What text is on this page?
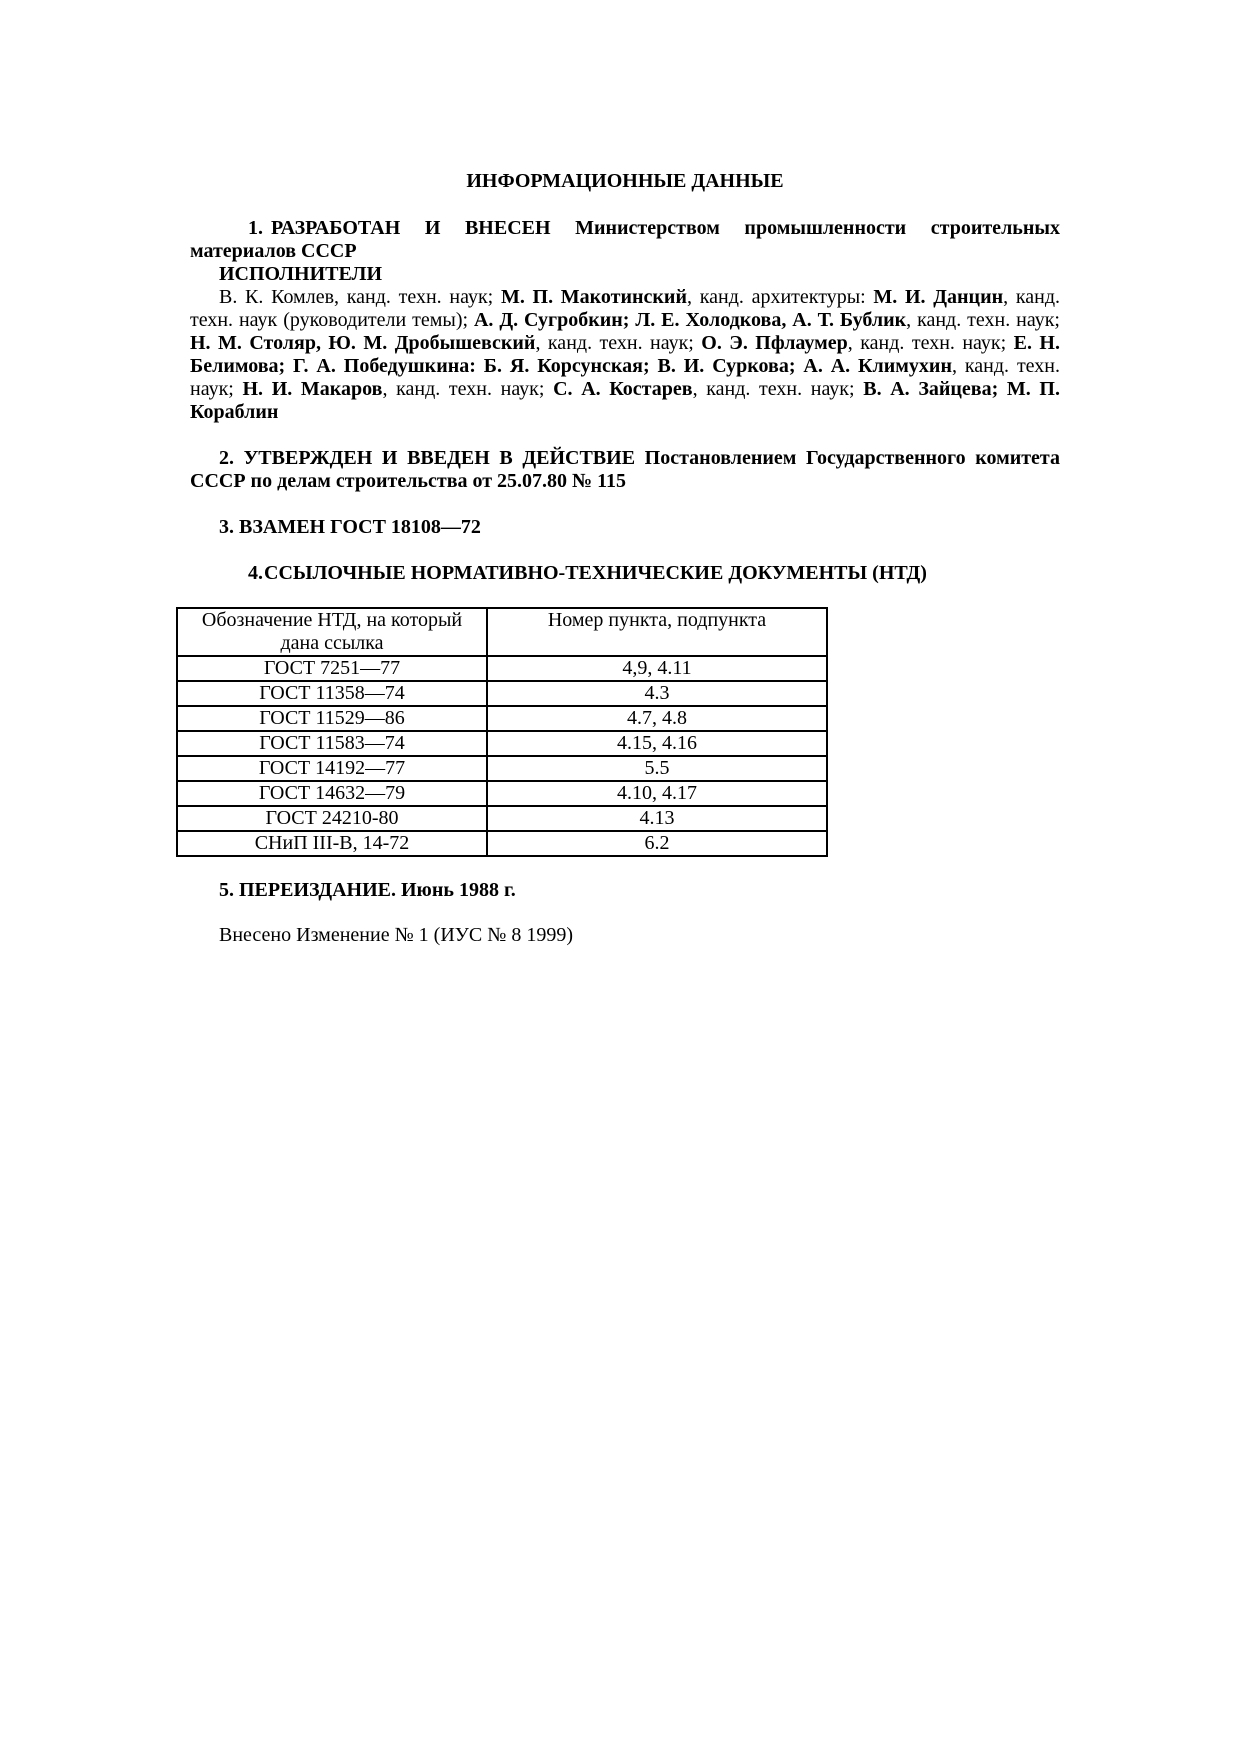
ИНФОРМАЦИОННЫЕ ДАННЫЕ

1. РАЗРАБОТАН И ВНЕСЕН Министерством промышленности строительных материалов СССР

ИСПОЛНИТЕЛИ

В. К. Комлев, канд. техн. наук; М. П. Макотинский, канд. архитектуры: М. И. Данцин, канд. техн. наук (руководители темы); А. Д. Сугробкин; Л. Е. Холодкова, А. Т. Бублик, канд. техн. наук; Н. М. Столяр, Ю. М. Дробышевский, канд. техн. наук; О. Э. Пфлаумер, канд. техн. наук; Е. Н. Белимова; Г. А. Победушкина: Б. Я. Корсунская; В. И. Суркова; А. А. Климухин, канд. техн. наук; Н. И. Макаров, канд. техн. наук; С. А. Костарев, канд. техн. наук; В. А. Зайцева; М. П. Кораблин

2. УТВЕРЖДЕН И ВВЕДЕН В ДЕЙСТВИЕ Постановлением Государственного комитета СССР по делам строительства от 25.07.80 № 115

3. ВЗАМЕН ГОСТ 18108—72

4.ССЫЛОЧНЫЕ НОРМАТИВНО-ТЕХНИЧЕСКИЕ ДОКУМЕНТЫ (НТД)

Обозначение НТД, на который дана ссылка	Номер пункта, подпункта
ГОСТ 7251—77	4,9, 4.11
ГОСТ 11358—74	4.3
ГОСТ 11529—86	4.7, 4.8
ГОСТ 11583—74	4.15, 4.16
ГОСТ 14192—77	5.5
ГОСТ 14632—79	4.10, 4.17
ГОСТ 24210-80	4.13
СНиП III-В, 14-72	6.2

5. ПЕРЕИЗДАНИЕ. Июнь 1988 г.

Внесено Изменение № 1 (ИУС № 8 1999)
